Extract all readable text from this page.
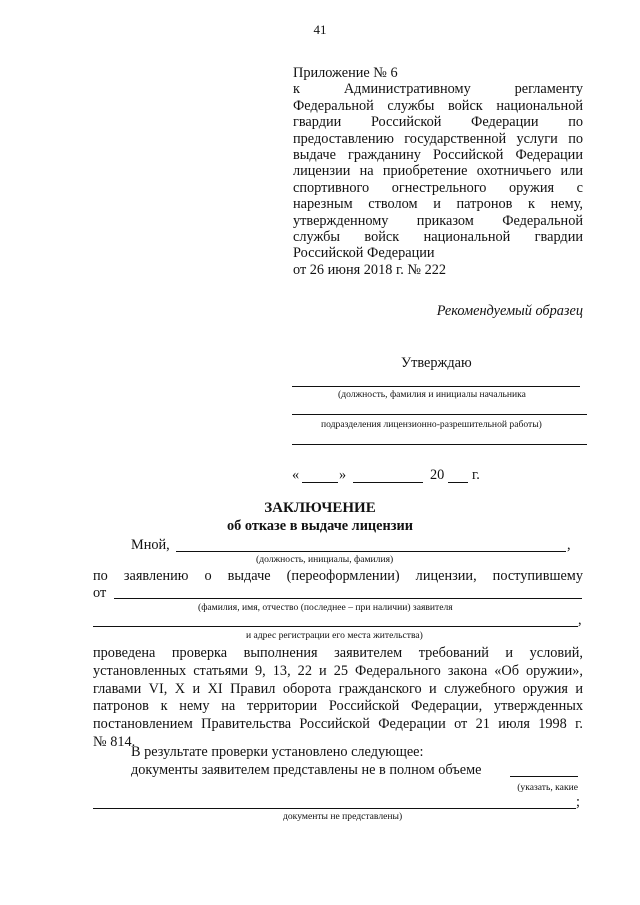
41
Приложение № 6
к Административному регламенту
Федеральной службы войск национальной
гвардии Российской Федерации по
предоставлению государственной услуги по
выдаче гражданину Российской Федерации
лицензии на приобретение охотничьего или
спортивного огнестрельного оружия с
нарезным стволом и патронов к нему,
утвержденному приказом Федеральной
службы войск национальной гвардии
Российской Федерации
от 26 июня 2018 г. № 222
Рекомендуемый образец
Утверждаю
(должность, фамилия и инициалы начальника
подразделения лицензионно-разрешительной работы)
«	»	20 г.
ЗАКЛЮЧЕНИЕ
об отказе в выдаче лицензии
Мной,	,
(должность, инициалы, фамилия)
по заявлению о выдаче (переоформлении) лицензии, поступившему
от
(фамилия, имя, отчество (последнее – при наличии) заявителя
,
и адрес регистрации его места жительства)
проведена проверка выполнения заявителем требований и условий,
установленных статьями 9, 13, 22 и 25 Федерального закона «Об оружии»,
главами VI, X и XI Правил оборота гражданского и служебного оружия и
патронов к нему на территории Российской Федерации, утвержденных
постановлением Правительства Российской Федерации от 21 июля 1998 г.
№ 814.
В результате проверки установлено следующее:
документы заявителем представлены не в полном объеме
(указать, какие
;
документы не представлены)
